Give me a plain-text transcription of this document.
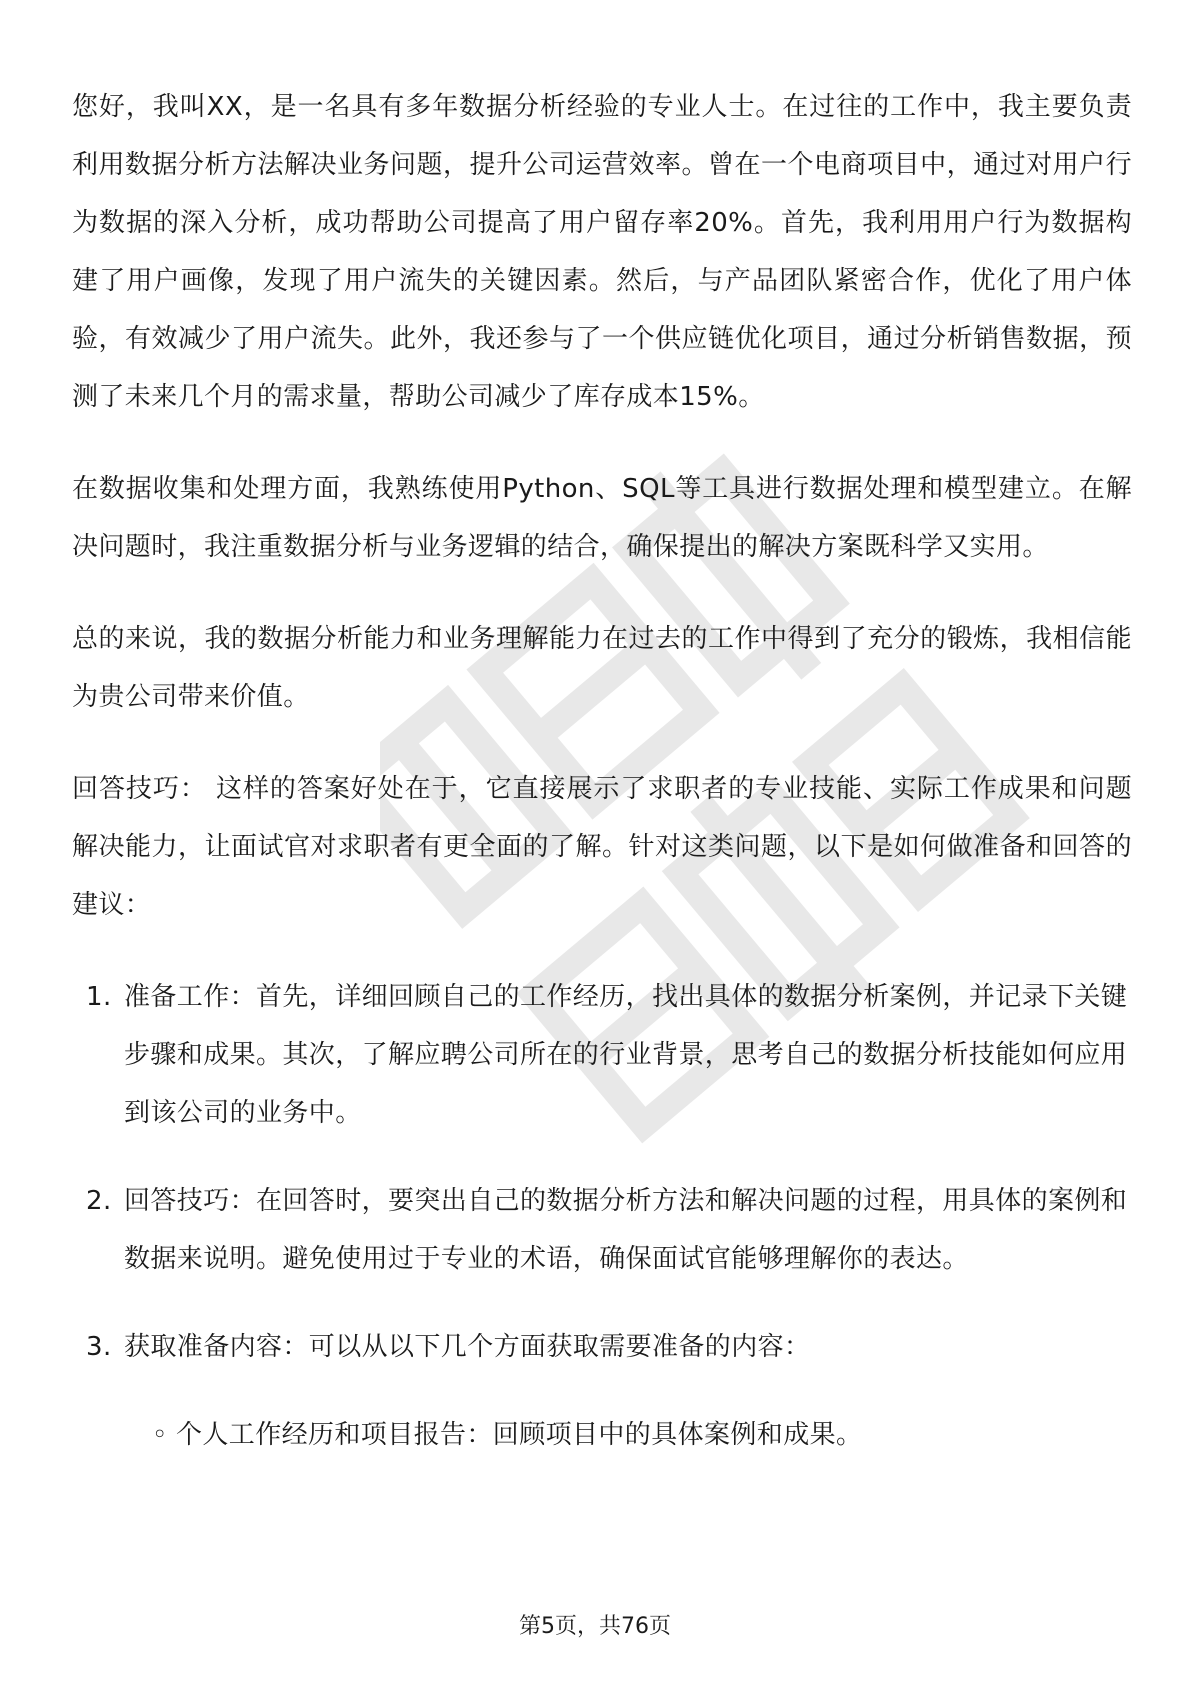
您好，我叫XX，是一名具有多年数据分析经验的专业人士。在过往的工作中，我主要负责利用数据分析方法解决业务问题，提升公司运营效率。曾在一个电商项目中，通过对用户行为数据的深入分析，成功帮助公司提高了用户留存率20%。首先，我利用用户行为数据构建了用户画像，发现了用户流失的关键因素。然后，与产品团队紧密合作，优化了用户体验，有效减少了用户流失。此外，我还参与了一个供应链优化项目，通过分析销售数据，预测了未来几个月的需求量，帮助公司减少了库存成本15%。

在数据收集和处理方面，我熟练使用Python、SQL等工具进行数据处理和模型建立。在解决问题时，我注重数据分析与业务逻辑的结合，确保提出的解决方案既科学又实用。

总的来说，我的数据分析能力和业务理解能力在过去的工作中得到了充分的锻炼，我相信能为贵公司带来价值。

回答技巧： 这样的答案好处在于，它直接展示了求职者的专业技能、实际工作成果和问题解决能力，让面试官对求职者有更全面的了解。针对这类问题，以下是如何做准备和回答的建议：

1. 准备工作：首先，详细回顾自己的工作经历，找出具体的数据分析案例，并记录下关键步骤和成果。其次，了解应聘公司所在的行业背景，思考自己的数据分析技能如何应用到该公司的业务中。
2. 回答技巧：在回答时，要突出自己的数据分析方法和解决问题的过程，用具体的案例和数据来说明。避免使用过于专业的术语，确保面试官能够理解你的表达。
3. 获取准备内容：可以从以下几个方面获取需要准备的内容：
◦ 个人工作经历和项目报告：回顾项目中的具体案例和成果。
第5页，共76页
